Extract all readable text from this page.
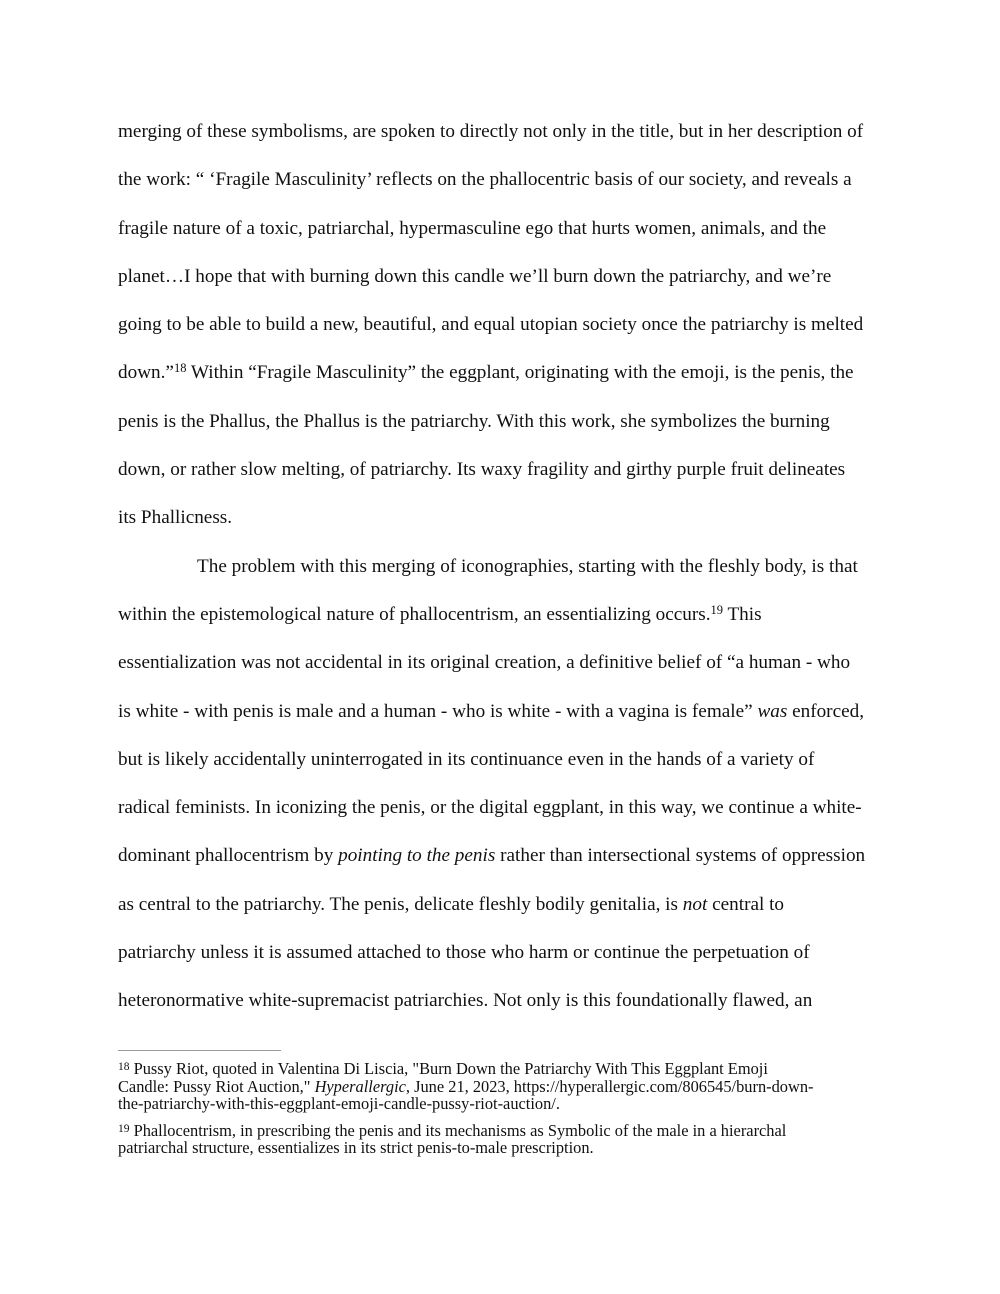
merging of these symbolisms, are spoken to directly not only in the title, but in her description of
the work: “ ‘Fragile Masculinity’ reflects on the phallocentric basis of our society, and reveals a
fragile nature of a toxic, patriarchal, hypermasculine ego that hurts women, animals, and the
planet…I hope that with burning down this candle we’ll burn down the patriarchy, and we’re
going to be able to build a new, beautiful, and equal utopian society once the patriarchy is melted
down.”$^{18}$ Within “Fragile Masculinity” the eggplant, originating with the emoji, is the penis, the
penis is the Phallus, the Phallus is the patriarchy. With this work, she symbolizes the burning
down, or rather slow melting, of patriarchy. Its waxy fragility and girthy purple fruit delineates
its Phallicness.
The problem with this merging of iconographies, starting with the fleshly body, is that
within the epistemological nature of phallocentrism, an essentializing occurs.$^{19}$ This
essentialization was not accidental in its original creation, a definitive belief of “a human - who
is white - with penis is male and a human - who is white - with a vagina is female” was enforced,
but is likely accidentally uninterrogated in its continuance even in the hands of a variety of
radical feminists. In iconizing the penis, or the digital eggplant, in this way, we continue a white-
dominant phallocentrism by pointing to the penis rather than intersectional systems of oppression
as central to the patriarchy. The penis, delicate fleshly bodily genitalia, is not central to
patriarchy unless it is assumed attached to those who harm or continue the perpetuation of
heteronormative white-supremacist patriarchies. Not only is this foundationally flawed, an
$^{18}$ Pussy Riot, quoted in Valentina Di Liscia, "Burn Down the Patriarchy With This Eggplant Emoji
Candle: Pussy Riot Auction," Hyperallergic, June 21, 2023, https://hyperallergic.com/806545/burn-down-
the-patriarchy-with-this-eggplant-emoji-candle-pussy-riot-auction/.
$^{19}$ Phallocentrism, in prescribing the penis and its mechanisms as Symbolic of the male in a hierarchal
patriarchal structure, essentializes in its strict penis-to-male prescription.
